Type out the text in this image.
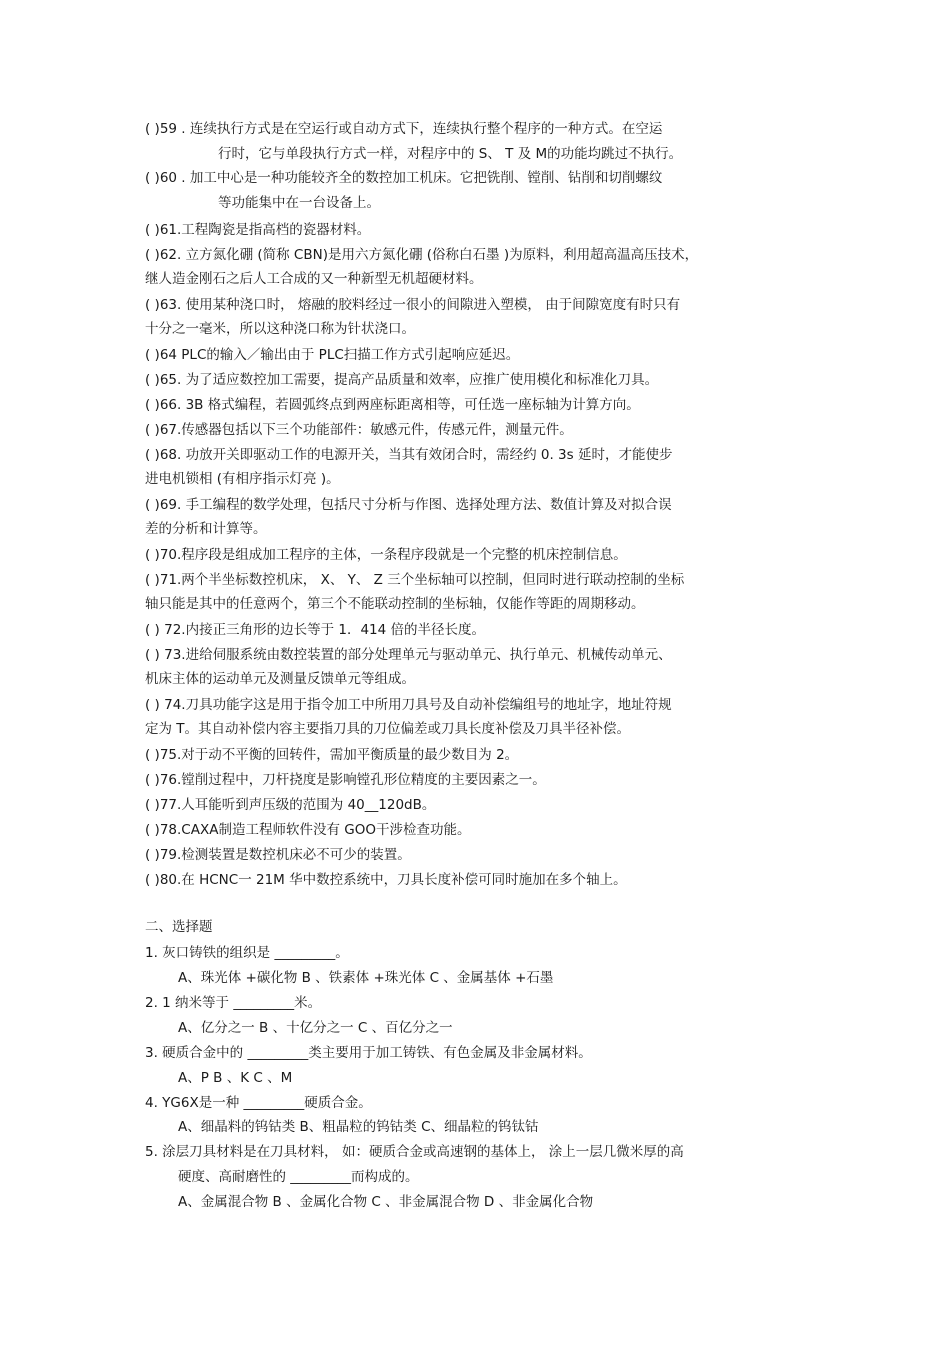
( )59 . 连续执行方式是在空运行或自动方式下，连续执行整个程序的一种方式。在空运
行时，它与单段执行方式一样，对程序中的 S、 T 及 M的功能均跳过不执行。
( )60 . 加工中心是一种功能较齐全的数控加工机床。它把铣削、镗削、钻削和切削螺纹
等功能集中在一台设备上。
( )61.工程陶瓷是指高档的瓷器材料。
( )62. 立方氮化硼 (简称 CBN)是用六方氮化硼 (俗称白石墨 )为原料，利用超高温高压技术，
继人造金刚石之后人工合成的又一种新型无机超硬材料。
( )63. 使用某种浇口时， 熔融的胶料经过一很小的间隙进入塑模， 由于间隙宽度有时只有
十分之一毫米，所以这种浇口称为针状浇口。
( )64 PLC的输入／输出由于 PLC扫描工作方式引起响应延迟。
( )65. 为了适应数控加工需要，提高产品质量和效率，应推广使用模化和标准化刀具。
( )66. 3B 格式编程，若圆弧终点到两座标距离相等，可任选一座标轴为计算方向。
( )67.传感器包括以下三个功能部件：敏感元件，传感元件，测量元件。
( )68. 功放开关即驱动工作的电源开关，当其有效闭合时，需经约 0. 3s 延时，才能使步
进电机锁相 (有相序指示灯亮 )。
( )69. 手工编程的数学处理，包括尺寸分析与作图、选择处理方法、数值计算及对拟合误
差的分析和计算等。
( )70.程序段是组成加工程序的主体，一条程序段就是一个完整的机床控制信息。
( )71.两个半坐标数控机床， X、 Y、 Z 三个坐标轴可以控制，但同时进行联动控制的坐标
轴只能是其中的任意两个，第三个不能联动控制的坐标轴，仅能作等距的周期移动。
( ) 72.内接正三角形的边长等于 1．414 倍的半径长度。
( ) 73.进给伺服系统由数控装置的部分处理单元与驱动单元、执行单元、机械传动单元、
机床主体的运动单元及测量反馈单元等组成。
( ) 74.刀具功能字这是用于指令加工中所用刀具号及自动补偿编组号的地址字，地址符规
定为 T。其自动补偿内容主要指刀具的刀位偏差或刀具长度补偿及刀具半径补偿。
( )75.对于动不平衡的回转件，需加平衡质量的最少数目为 2。
( )76.镗削过程中，刀杆挠度是影响镗孔形位精度的主要因素之一。
( )77.人耳能听到声压级的范围为 40__120dB。
( )78.CAXA制造工程师软件没有 GOO干涉检查功能。
( )79.检测装置是数控机床必不可少的装置。
( )80.在 HCNC一 21M 华中数控系统中，刀具长度补偿可同时施加在多个轴上。
二、选择题
1. 灰口铸铁的组织是 _________。
A、珠光体 +碳化物 B 、铁素体 +珠光体 C 、金属基体 +石墨
2. 1 纳米等于 _________米。
A、亿分之一 B 、十亿分之一 C 、百亿分之一
3. 硬质合金中的 _________类主要用于加工铸铁、有色金属及非金属材料。
A、P B 、K C 、M
4. YG6X是一种 _________硬质合金。
A、细晶料的钨钴类 B、粗晶粒的钨钴类 C、细晶粒的钨钛钴
5. 涂层刀具材料是在刀具材料， 如：硬质合金或高速钢的基体上， 涂上一层几微米厚的高
硬度、高耐磨性的 _________而构成的。
A、金属混合物 B 、金属化合物 C 、非金属混合物 D 、非金属化合物
